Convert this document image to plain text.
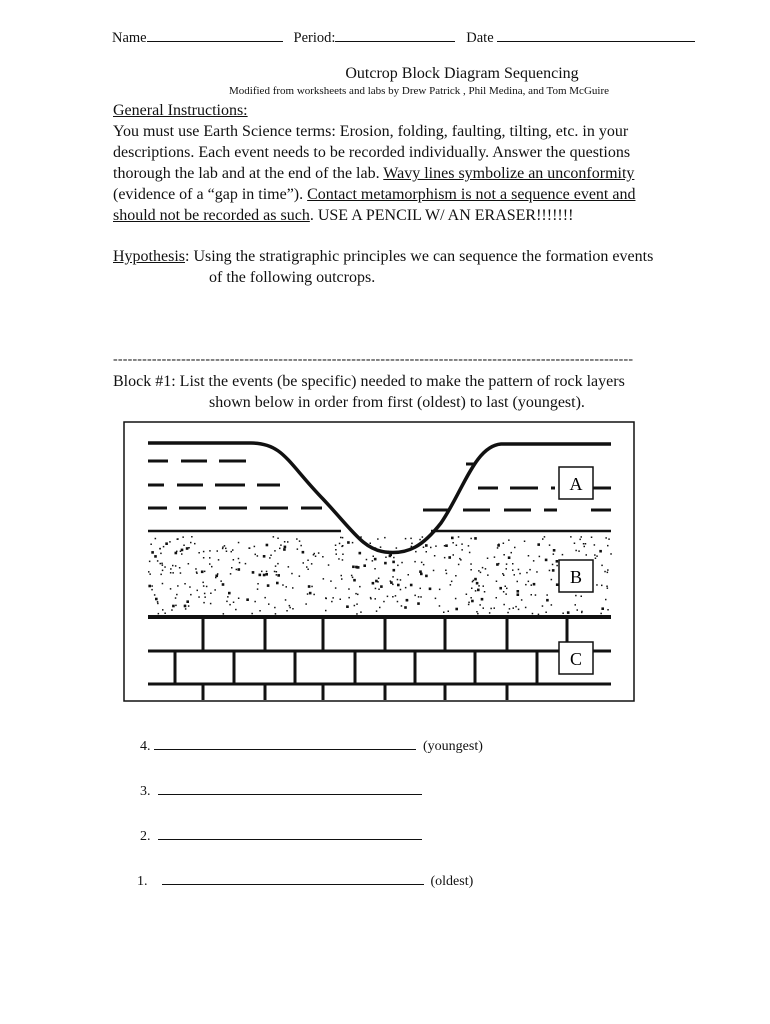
Name	Period:	Date
Outcrop Block Diagram Sequencing
Modified from worksheets and labs by Drew Patrick , Phil Medina, and Tom McGuire
General Instructions:
You must use Earth Science terms: Erosion, folding, faulting, tilting, etc. in your
descriptions. Each event needs to be recorded individually. Answer the questions
thorough the lab and at the end of the lab. Wavy lines symbolize an unconformity
(evidence of a “gap in time”). Contact metamorphism is not a sequence event and
should not be recorded as such. USE A PENCIL W/ AN ERASER!!!!!!!
Hypothesis: Using the stratigraphic principles we can sequence the formation events
of the following outcrops.
-----------------------------------------------------------------------------------------------------------
Block #1: List the events (be specific) needed to make the pattern of rock layers
shown below in order from first (oldest) to last (youngest).
A
B
C
4.	(youngest)
3.
2.
1.	(oldest)
